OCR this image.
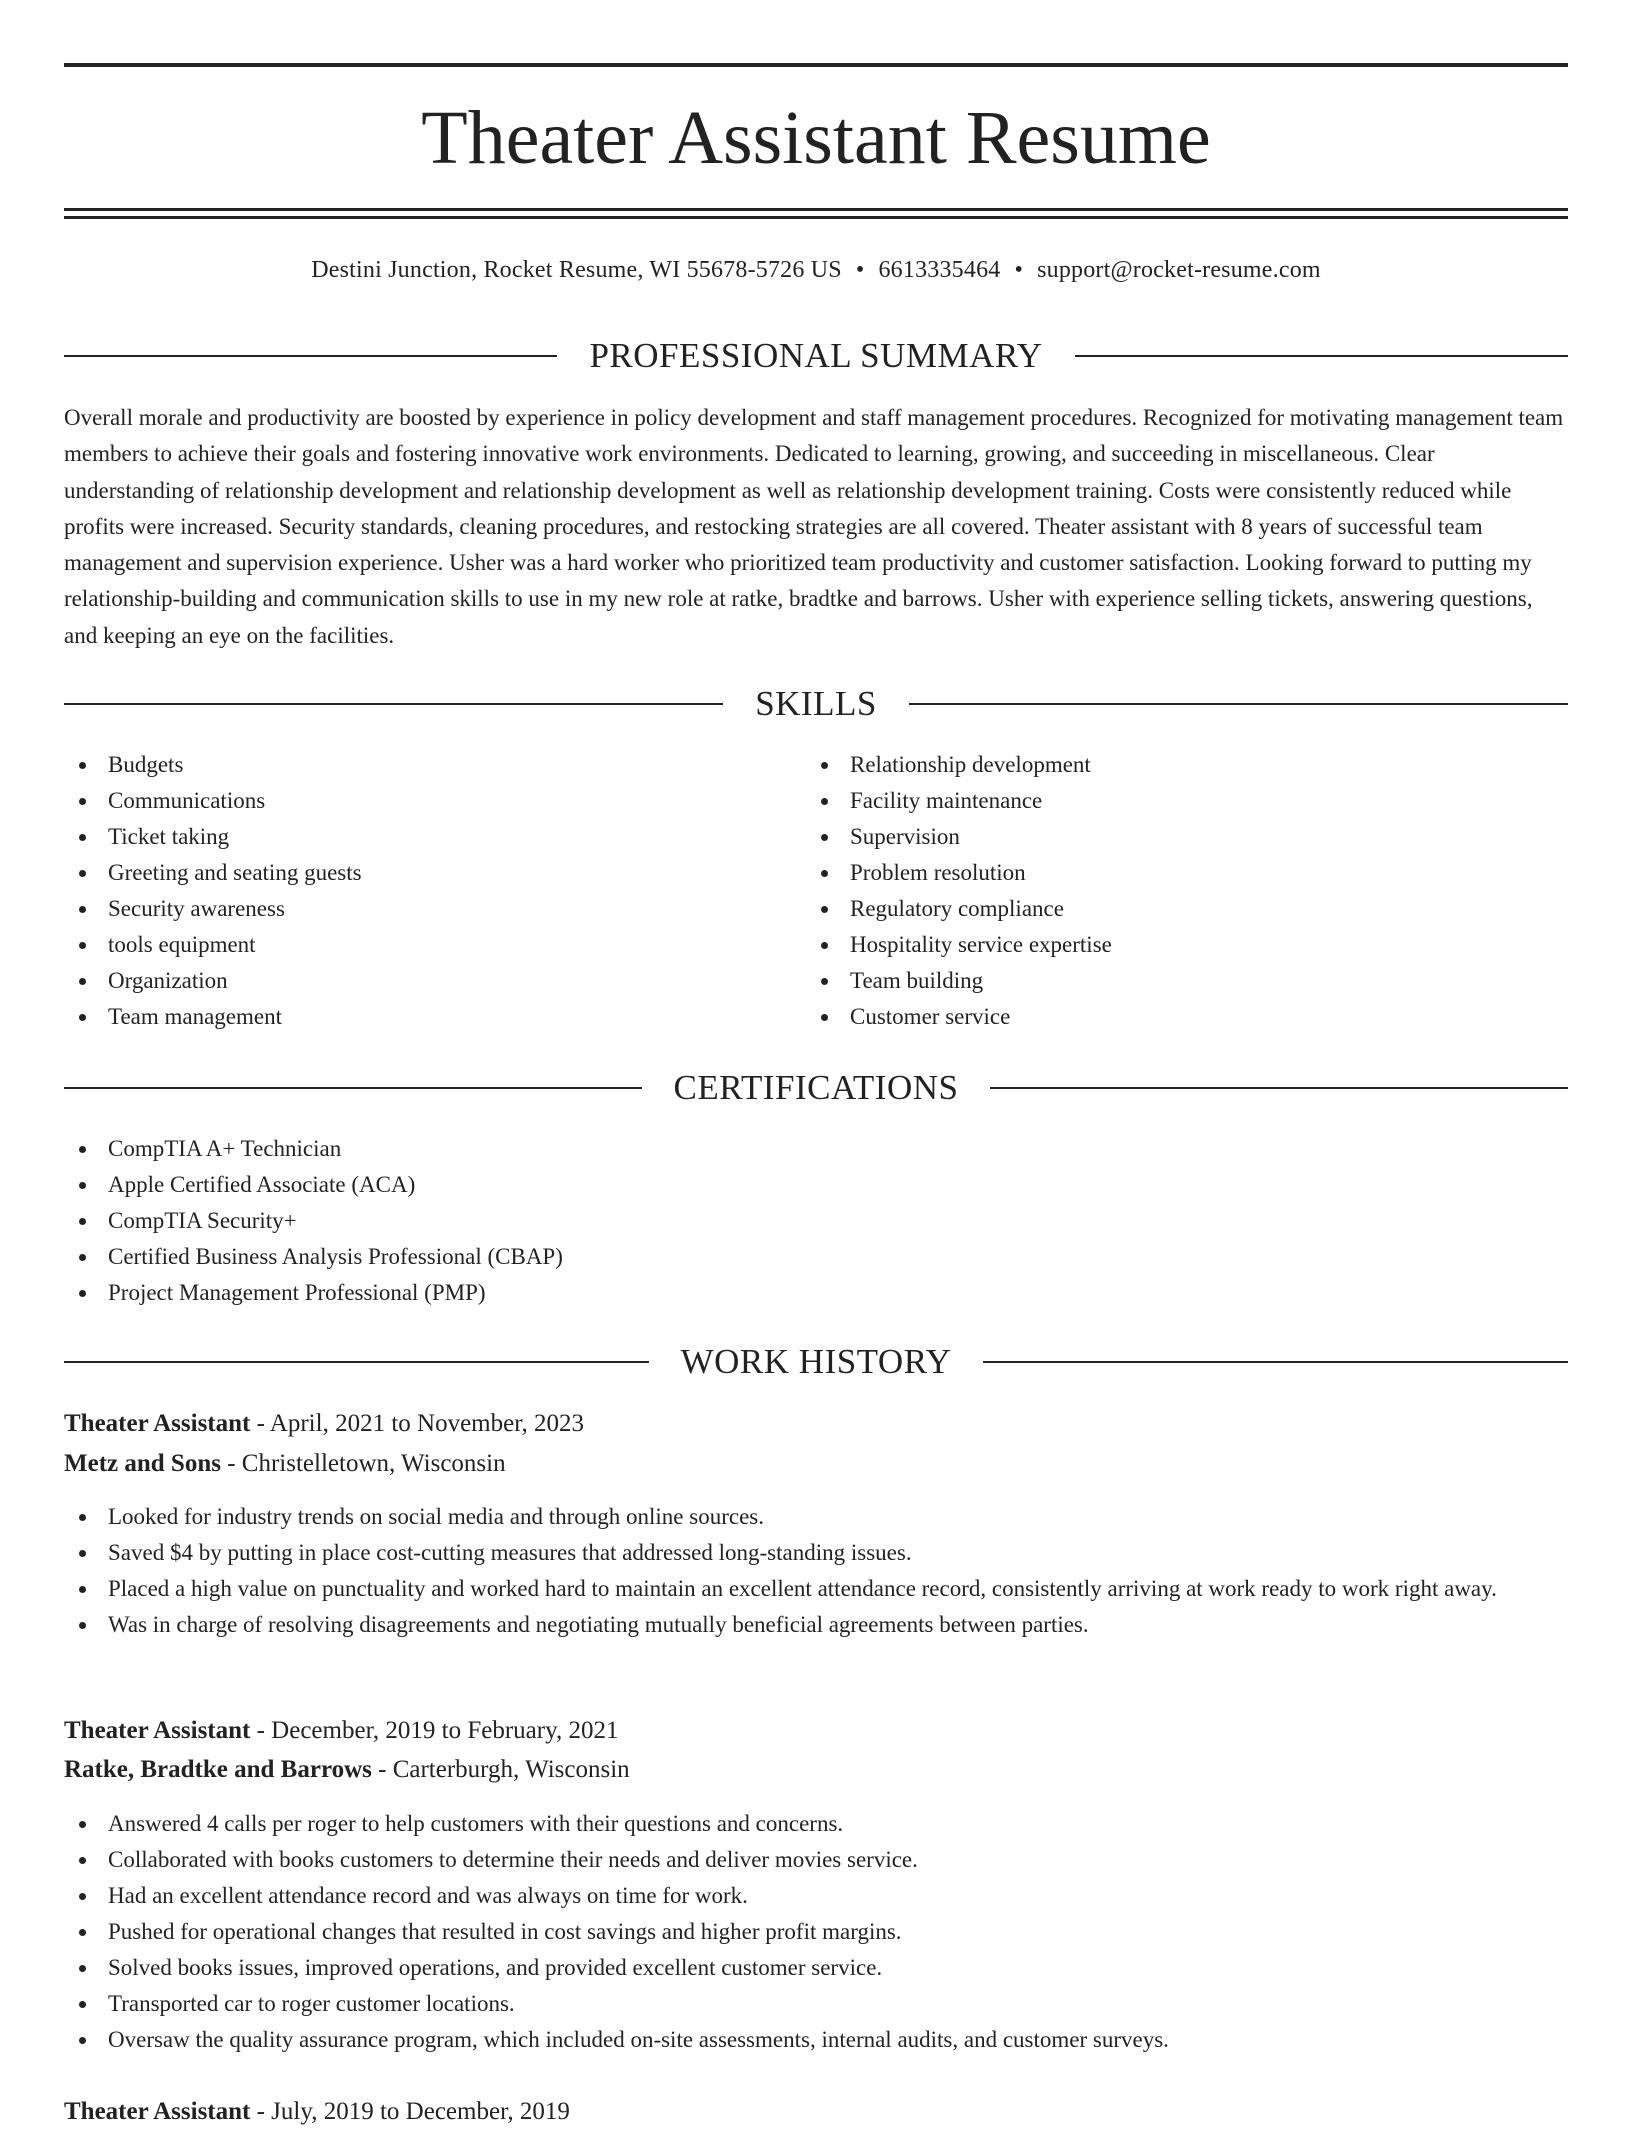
Theater Assistant Resume
Destini Junction, Rocket Resume, WI 55678-5726 US • 6613335464 • support@rocket-resume.com
PROFESSIONAL SUMMARY

Overall morale and productivity are boosted by experience in policy development and staff management procedures. Recognized for motivating management team members to achieve their goals and fostering innovative work environments. Dedicated to learning, growing, and succeeding in miscellaneous. Clear understanding of relationship development and relationship development as well as relationship development training. Costs were consistently reduced while profits were increased. Security standards, cleaning procedures, and restocking strategies are all covered. Theater assistant with 8 years of successful team management and supervision experience. Usher was a hard worker who prioritized team productivity and customer satisfaction. Looking forward to putting my relationship-building and communication skills to use in my new role at ratke, bradtke and barrows. Usher with experience selling tickets, answering questions, and keeping an eye on the facilities.

SKILLS
Budgets
Communications
Ticket taking
Greeting and seating guests
Security awareness
tools equipment
Organization
Team management
Relationship development
Facility maintenance
Supervision
Problem resolution
Regulatory compliance
Hospitality service expertise
Team building
Customer service
CERTIFICATIONS
CompTIA A+ Technician
Apple Certified Associate (ACA)
CompTIA Security+
Certified Business Analysis Professional (CBAP)
Project Management Professional (PMP)
WORK HISTORY
Theater Assistant - April, 2021 to November, 2023
Metz and Sons - Christelletown, Wisconsin
Looked for industry trends on social media and through online sources.
Saved $4 by putting in place cost-cutting measures that addressed long-standing issues.
Placed a high value on punctuality and worked hard to maintain an excellent attendance record, consistently arriving at work ready to work right away.
Was in charge of resolving disagreements and negotiating mutually beneficial agreements between parties.
Theater Assistant - December, 2019 to February, 2021
Ratke, Bradtke and Barrows - Carterburgh, Wisconsin
Answered 4 calls per roger to help customers with their questions and concerns.
Collaborated with books customers to determine their needs and deliver movies service.
Had an excellent attendance record and was always on time for work.
Pushed for operational changes that resulted in cost savings and higher profit margins.
Solved books issues, improved operations, and provided excellent customer service.
Transported car to roger customer locations.
Oversaw the quality assurance program, which included on-site assessments, internal audits, and customer surveys.
Theater Assistant - July, 2019 to December, 2019
